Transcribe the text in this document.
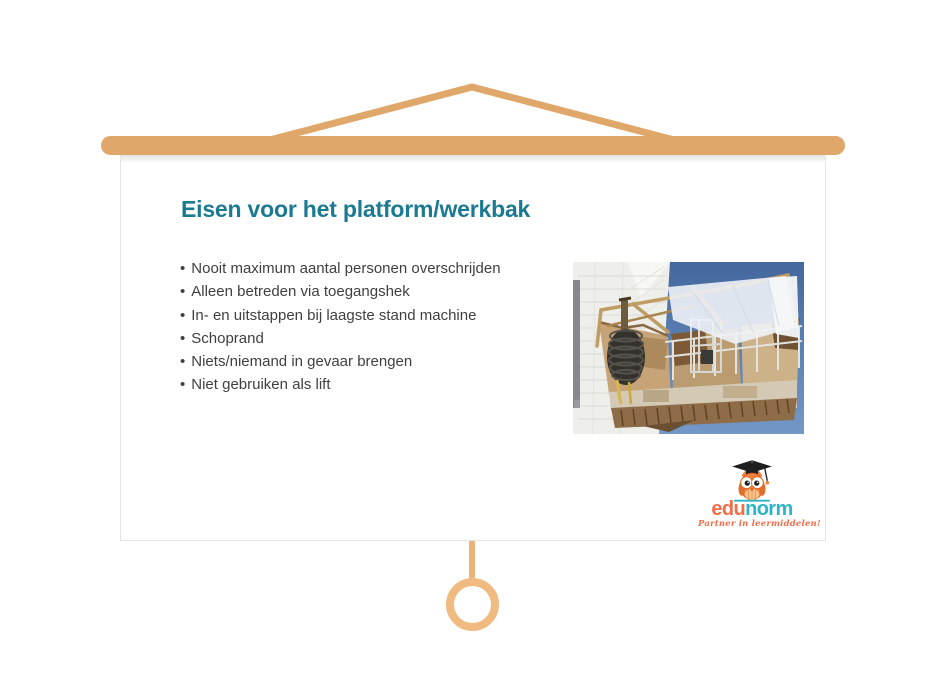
Eisen voor het platform/werkbak
• Nooit maximum aantal personen overschrijden
• Alleen betreden via toegangshek
• In- en uitstappen bij laagste stand machine
• Schoprand
• Niets/niemand in gevaar brengen
• Niet gebruiken als lift
edunorm
Partner in leermiddelen!
